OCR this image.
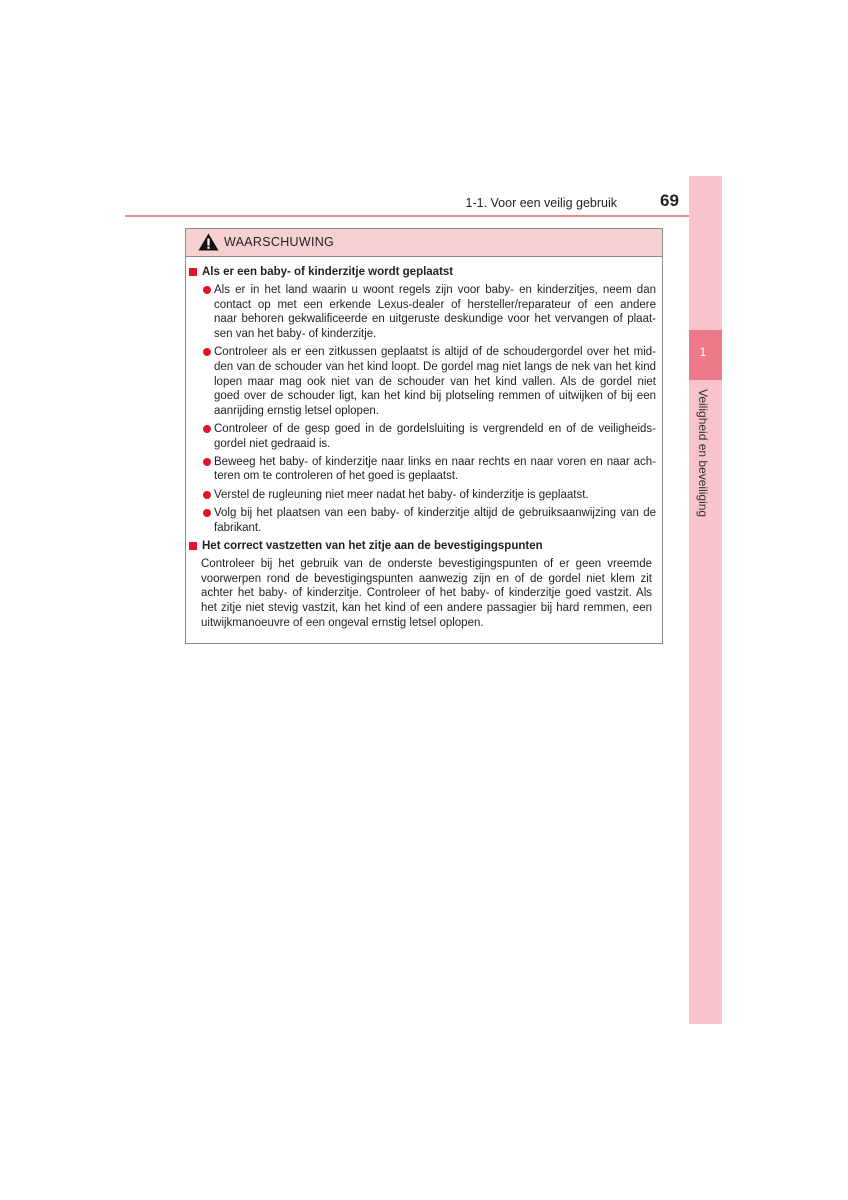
1-1. Voor een veilig gebruik	69
1
Veiligheid en beveiliging
WAARSCHUWING
Als er een baby- of kinderzitje wordt geplaatst
Als er in het land waarin u woont regels zijn voor baby- en kinderzitjes, neem dan
contact op met een erkende Lexus-dealer of hersteller/reparateur of een andere
naar behoren gekwalificeerde en uitgeruste deskundige voor het vervangen of plaat-
sen van het baby- of kinderzitje.
Controleer als er een zitkussen geplaatst is altijd of de schoudergordel over het mid-
den van de schouder van het kind loopt. De gordel mag niet langs de nek van het kind
lopen maar mag ook niet van de schouder van het kind vallen. Als de gordel niet
goed over de schouder ligt, kan het kind bij plotseling remmen of uitwijken of bij een
aanrijding ernstig letsel oplopen.
Controleer of de gesp goed in de gordelsluiting is vergrendeld en of de veiligheids-
gordel niet gedraaid is.
Beweeg het baby- of kinderzitje naar links en naar rechts en naar voren en naar ach-
teren om te controleren of het goed is geplaatst.
Verstel de rugleuning niet meer nadat het baby- of kinderzitje is geplaatst.
Volg bij het plaatsen van een baby- of kinderzitje altijd de gebruiksaanwijzing van de
fabrikant.
Het correct vastzetten van het zitje aan de bevestigingspunten
Controleer bij het gebruik van de onderste bevestigingspunten of er geen vreemde
voorwerpen rond de bevestigingspunten aanwezig zijn en of de gordel niet klem zit
achter het baby- of kinderzitje. Controleer of het baby- of kinderzitje goed vastzit. Als
het zitje niet stevig vastzit, kan het kind of een andere passagier bij hard remmen, een
uitwijkmanoeuvre of een ongeval ernstig letsel oplopen.
